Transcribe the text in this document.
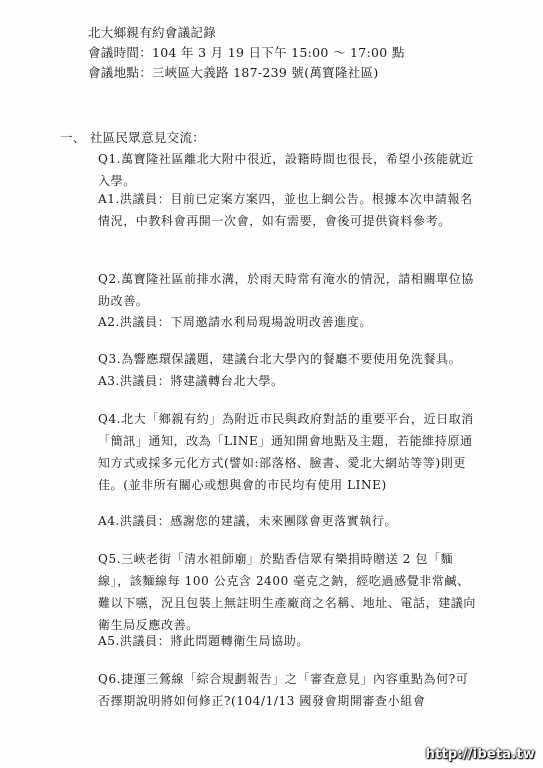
北大鄉親有約會議記錄
會議時間：104 年 3 月 19 日下午 15:00 ～ 17:00 點
會議地點：三峽區大義路 187-239 號(萬寶隆社區)
一、 社區民眾意見交流：
Q1.萬寶隆社區離北大附中很近，設籍時間也很長，希望小孩能就近入學。
A1.洪議員：目前已定案方案四，並也上網公告。根據本次申請報名情況，中教科會再開一次會，如有需要，會後可提供資料參考。
Q2.萬寶隆社區前排水溝，於雨天時常有淹水的情況，請相關單位協助改善。
A2.洪議員：下周邀請水利局現場說明改善進度。
Q3.為響應環保議題，建議台北大學內的餐廳不要使用免洗餐具。
A3.洪議員：將建議轉台北大學。
Q4.北大「鄉親有約」為附近市民與政府對話的重要平台，近日取消「簡訊」通知，改為「LINE」通知開會地點及主題，若能維持原通知方式或採多元化方式(譬如:部落格、臉書、愛北大網站等等)則更佳。(並非所有關心或想與會的市民均有使用 LINE)
A4.洪議員：感謝您的建議，未來團隊會更落實執行。
Q5.三峽老街「清水祖師廟」於點香信眾有樂捐時贈送 2 包「麵線」，該麵線每 100 公克含 2400 毫克之鈉，經吃過感覺非常鹹、難以下嚥，況且包裝上無註明生產廠商之名稱、地址、電話，建議向衛生局反應改善。
A5.洪議員：將此問題轉衛生局協助。
Q6.捷運三鶯線「綜合規劃報告」之「審查意見」內容重點為何?可否擇期說明將如何修正?(104/1/13 國發會期開審查小組會
http://ibeta.tw
